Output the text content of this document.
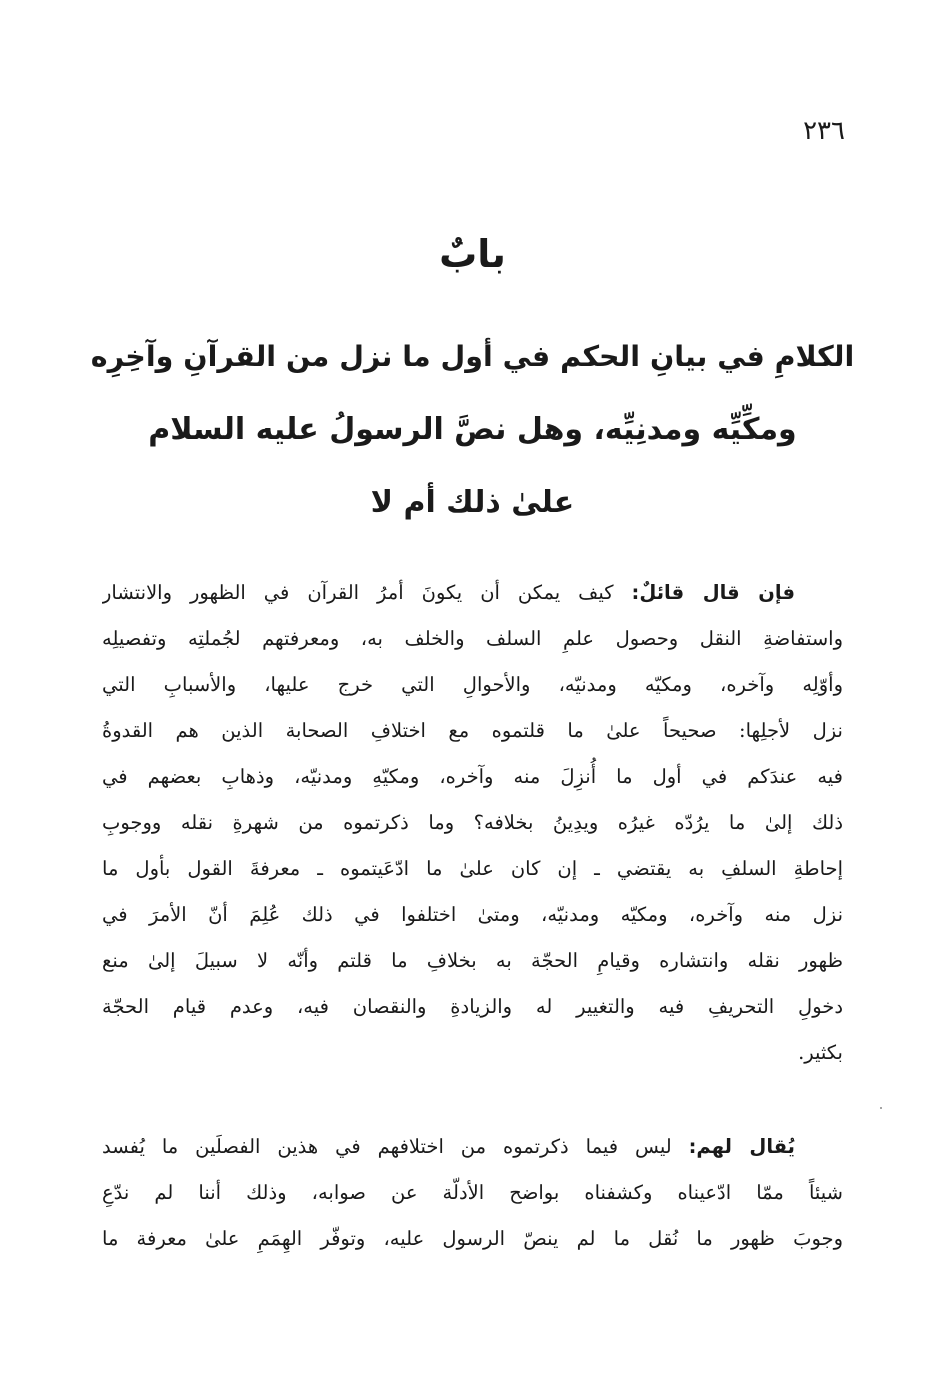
٢٣٦
بابٌ
الكلامِ في بيانِ الحكم في أول ما نزل من القرآنِ وآخِرِه
ومكِّيِّه ومدنِيِّه، وهل نصَّ الرسولُ عليه السلام
علىٰ ذلك أم لا
فإن قال قائلٌ: كيف يمكن أن يكونَ أمرُ القرآن في الظهور والانتشار
واستفاضةِ النقل وحصول علمِ السلف والخلف به، ومعرفتهم لجُملتِه وتفصيلِه
وأوّلِه وآخره، ومكيّه ومدنيّه، والأحوالِ التي خرج عليها، والأسبابِ التي
نزل لأجلِها: صحيحاً علىٰ ما قلتموه مع اختلافِ الصحابة الذين هم القدوةُ
فيه عندَكم في أول ما أُنزِلَ منه وآخره، ومكيّهِ ومدنيّه، وذهابِ بعضهم في
ذلك إلىٰ ما يرُدّه غيرُه ويدِينُ بخلافه؟ وما ذكرتموه من شهرةِ نقله ووجوبِ
إحاطةِ السلفِ به يقتضي ـ إن كان علىٰ ما ادّعَيتموه ـ معرفةَ القول بأول ما
نزل منه وآخره، ومكيّه ومدنيّه، ومتىٰ اختلفوا في ذلك عُلِمَ أنّ الأمرَ في
ظهور نقله وانتشاره وقيامِ الحجّة به بخلافِ ما قلتم وأنّه لا سبيلَ إلىٰ منع
دخولِ التحريفِ فيه والتغيير له والزيادةِ والنقصان فيه، وعدم قيام الحجّة
بكثير.
يُقال لهم: ليس فيما ذكرتموه من اختلافهم في هذين الفصلَين ما يُفسد
شيئاً ممّا ادّعيناه وكشفناه بواضح الأدلّة عن صوابه، وذلك أننا لم ندّعِ
وجوبَ ظهور ما نُقل ما لم ينصّ الرسول عليه، وتوفّر الهِمَمِ علىٰ معرفة ما
